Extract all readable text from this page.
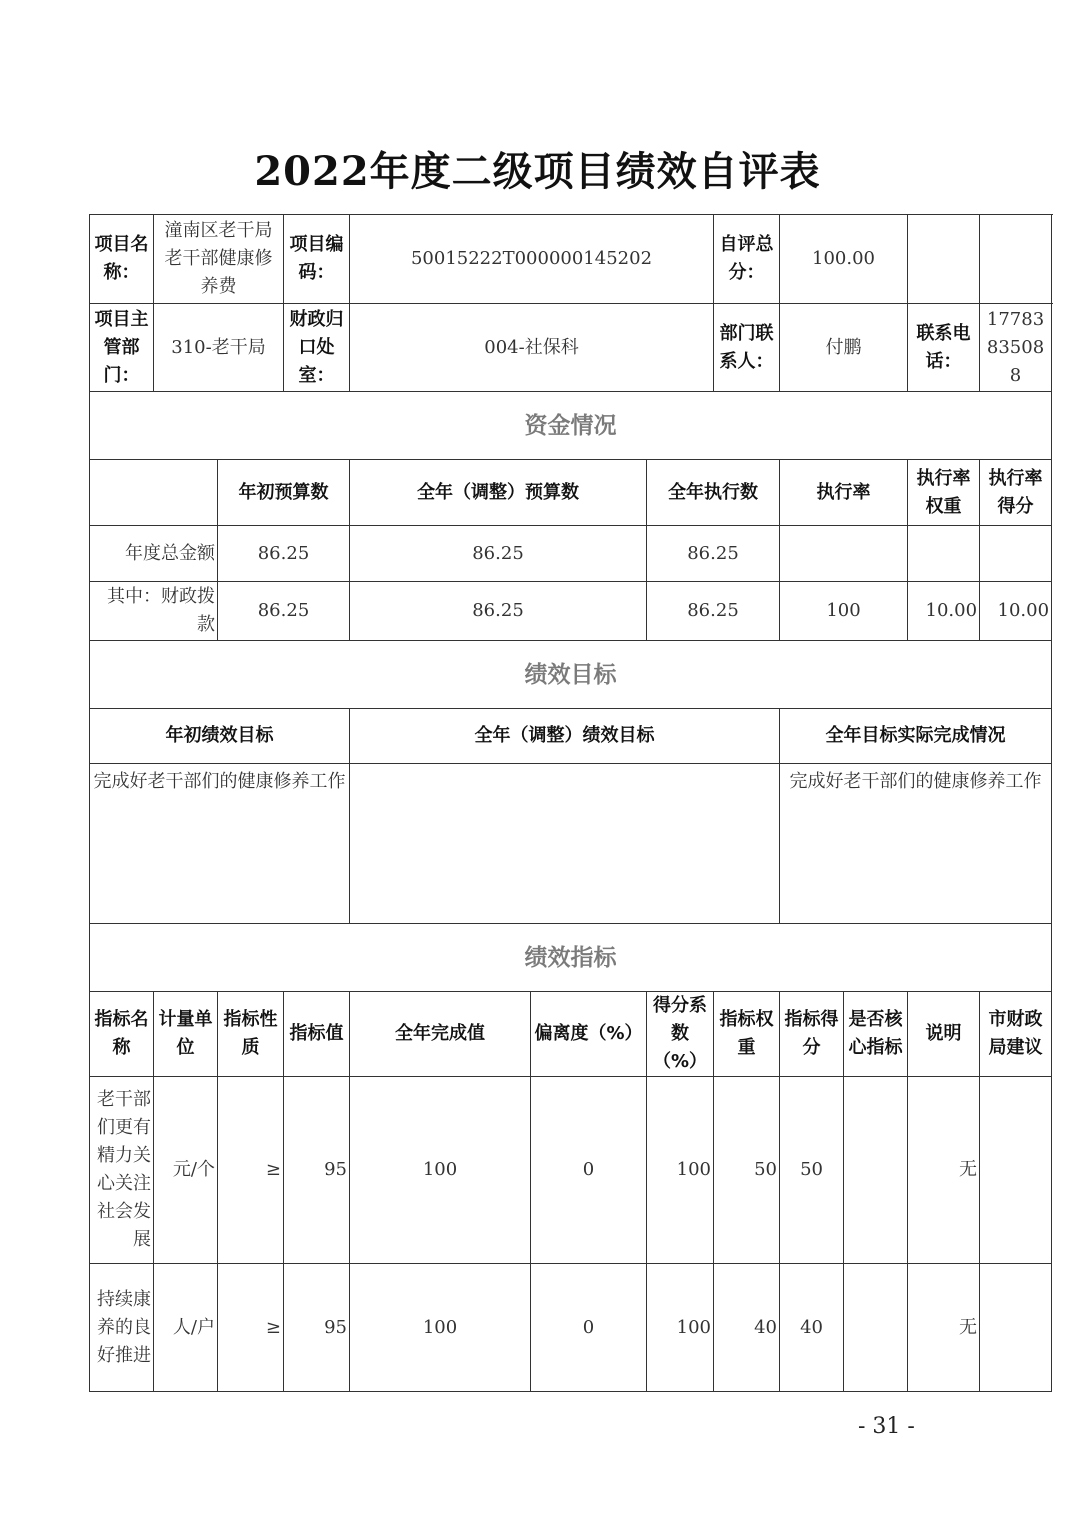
2022年度二级项目绩效自评表
项目名称：	潼南区老干局老干部健康修养费		项目编码：	50015222T000000145202			自评总分：	100.00			
项目主管部门：	310-老干局		财政归口处室：	004-社保科			部门联系人：	付鹏		联系电话：	17783835088
资金情况											
		年初预算数		全年（调整）预算数		全年执行数		执行率		执行率权重	执行率得分
年度总金额		86.25		86.25		86.25					
其中：财政拨款		86.25		86.25		86.25		100		10.00	10.00
绩效目标											
年初绩效目标				全年（调整）绩效目标				全年目标实际完成情况			
完成好老干部们的健康修养工作								完成好老干部们的健康修养工作			
绩效指标											
指标名称	计量单位	指标性质	指标值	全年完成值	偏离度（%）	得分系数（%）	指标权重	指标得分	是否核心指标	说明	市财政局建议
老干部们更有精力关心关注社会发展	元/个	≥	95	100	0	100	50	50		无	
持续康养的良好推进	人/户	≥	95	100	0	100	40	40		无	
- 31 -
